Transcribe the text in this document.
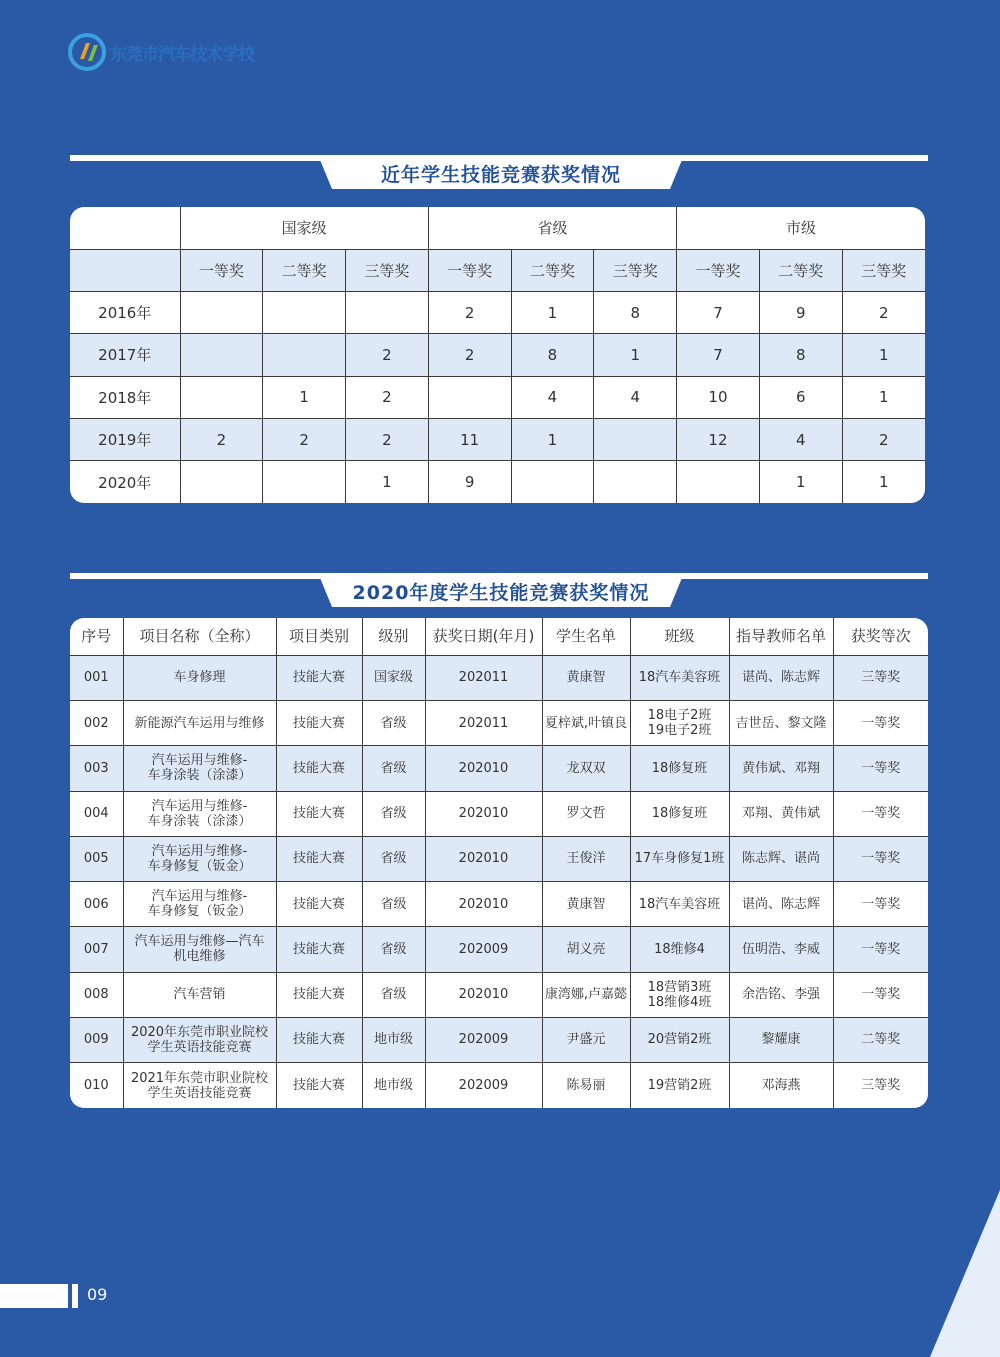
东莞市汽车技术学校
近年学生技能竞赛获奖情况
	国家级			省级			市级		
	一等奖	二等奖	三等奖	一等奖	二等奖	三等奖	一等奖	二等奖	三等奖
2016年				2	1	8	7	9	2
2017年			2	2	8	1	7	8	1
2018年		1	2		4	4	10	6	1
2019年	2	2	2	11	1		12	4	2
2020年			1	9				1	1
2020年度学生技能竞赛获奖情况
序号	项目名称（全称）	项目类别	级别	获奖日期(年月)	学生名单	班级	指导教师名单	获奖等次
001	车身修理	技能大赛	国家级	202011	黄康智	18汽车美容班	谌尚、陈志辉	三等奖
002	新能源汽车运用与维修	技能大赛	省级	202011	夏梓斌,叶镇良	18电子2班
19电子2班	吉世岳、黎文隆	一等奖
003	汽车运用与维修-
车身涂装（涂漆）	技能大赛	省级	202010	龙双双	18修复班	黄伟斌、邓翔	一等奖
004	汽车运用与维修-
车身涂装（涂漆）	技能大赛	省级	202010	罗文哲	18修复班	邓翔、黄伟斌	一等奖
005	汽车运用与维修-
车身修复（钣金）	技能大赛	省级	202010	王俊洋	17车身修复1班	陈志辉、谌尚	一等奖
006	汽车运用与维修-
车身修复（钣金）	技能大赛	省级	202010	黄康智	18汽车美容班	谌尚、陈志辉	一等奖
007	汽车运用与维修—汽车
机电维修	技能大赛	省级	202009	胡义亮	18维修4	伍明浩、李威	一等奖
008	汽车营销	技能大赛	省级	202010	康湾娜,卢嘉懿	18营销3班
18维修4班	余浩铭、李强	一等奖
009	2020年东莞市职业院校
学生英语技能竞赛	技能大赛	地市级	202009	尹盛元	20营销2班	黎耀康	二等奖
010	2021年东莞市职业院校
学生英语技能竞赛	技能大赛	地市级	202009	陈易丽	19营销2班	邓海燕	三等奖
09
